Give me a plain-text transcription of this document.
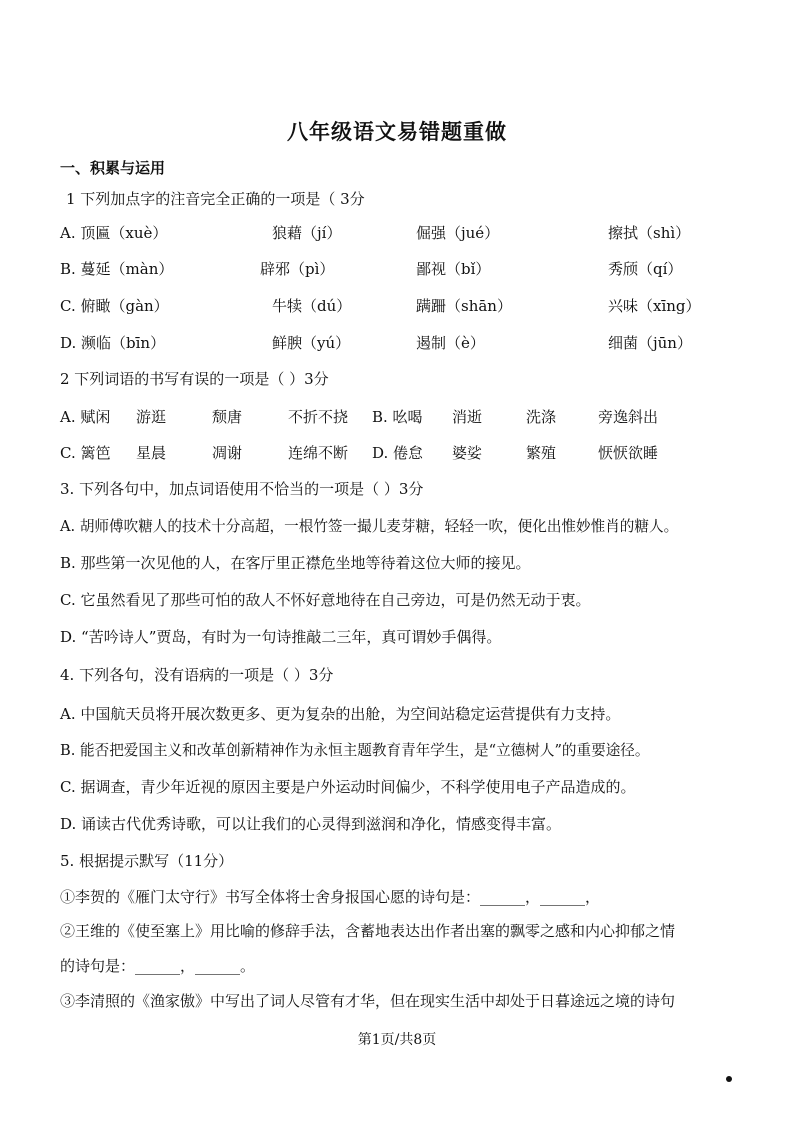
八年级语文易错题重做
一、积累与运用
1 下列加点字的注音完全正确的一项是（ 3分
A. 顶匾（xuè）	狼藉（jí）	倔强（jué）	擦拭（shì）
B. 蔓延（màn）	辟邪（pì）	鄙视（bǐ）	秀颀（qí）
C. 俯瞰（gàn）	牛犊（dú）	蹒跚（shān）	兴味（xīng）
D. 濒临（bīn）	鲜腴（yú）	遏制（è）	细菌（jūn）
2 下列词语的书写有误的一项是（ ）3分
A. 赋闲 游逛	颓唐	不折不挠 B. 吆喝 消逝	洗涤	旁逸斜出
C. 篱笆 星晨	凋谢	连绵不断 D. 倦怠 婆娑	繁殖	恹恹欲睡
3. 下列各句中，加点词语使用不恰当的一项是（ ）3分
A. 胡师傅吹糖人的技术十分高超，一根竹签一撮儿麦芽糖，轻轻一吹，便化出惟妙惟肖的糖人。
B. 那些第一次见他的人，在客厅里正襟危坐地等待着这位大师的接见。
C. 它虽然看见了那些可怕的敌人不怀好意地待在自己旁边，可是仍然无动于衷。
D. “苦吟诗人”贾岛，有时为一句诗推敲二三年，真可谓妙手偶得。
4. 下列各句，没有语病的一项是（ ）3分
A. 中国航天员将开展次数更多、更为复杂的出舱，为空间站稳定运营提供有力支持。
B. 能否把爱国主义和改革创新精神作为永恒主题教育青年学生，是“立德树人”的重要途径。
C. 据调查，青少年近视的原因主要是户外运动时间偏少，不科学使用电子产品造成的。
D. 诵读古代优秀诗歌，可以让我们的心灵得到滋润和净化，情感变得丰富。
5. 根据提示默写（11分）
①李贺的《雁门太守行》书写全体将士舍身报国心愿的诗句是：______，______，
②王维的《使至塞上》用比喻的修辞手法，含蓄地表达出作者出塞的飘零之感和内心抑郁之情
的诗句是：______，______。
③李清照的《渔家傲》中写出了词人尽管有才华，但在现实生活中却处于日暮途远之境的诗句
第1页/共8页
